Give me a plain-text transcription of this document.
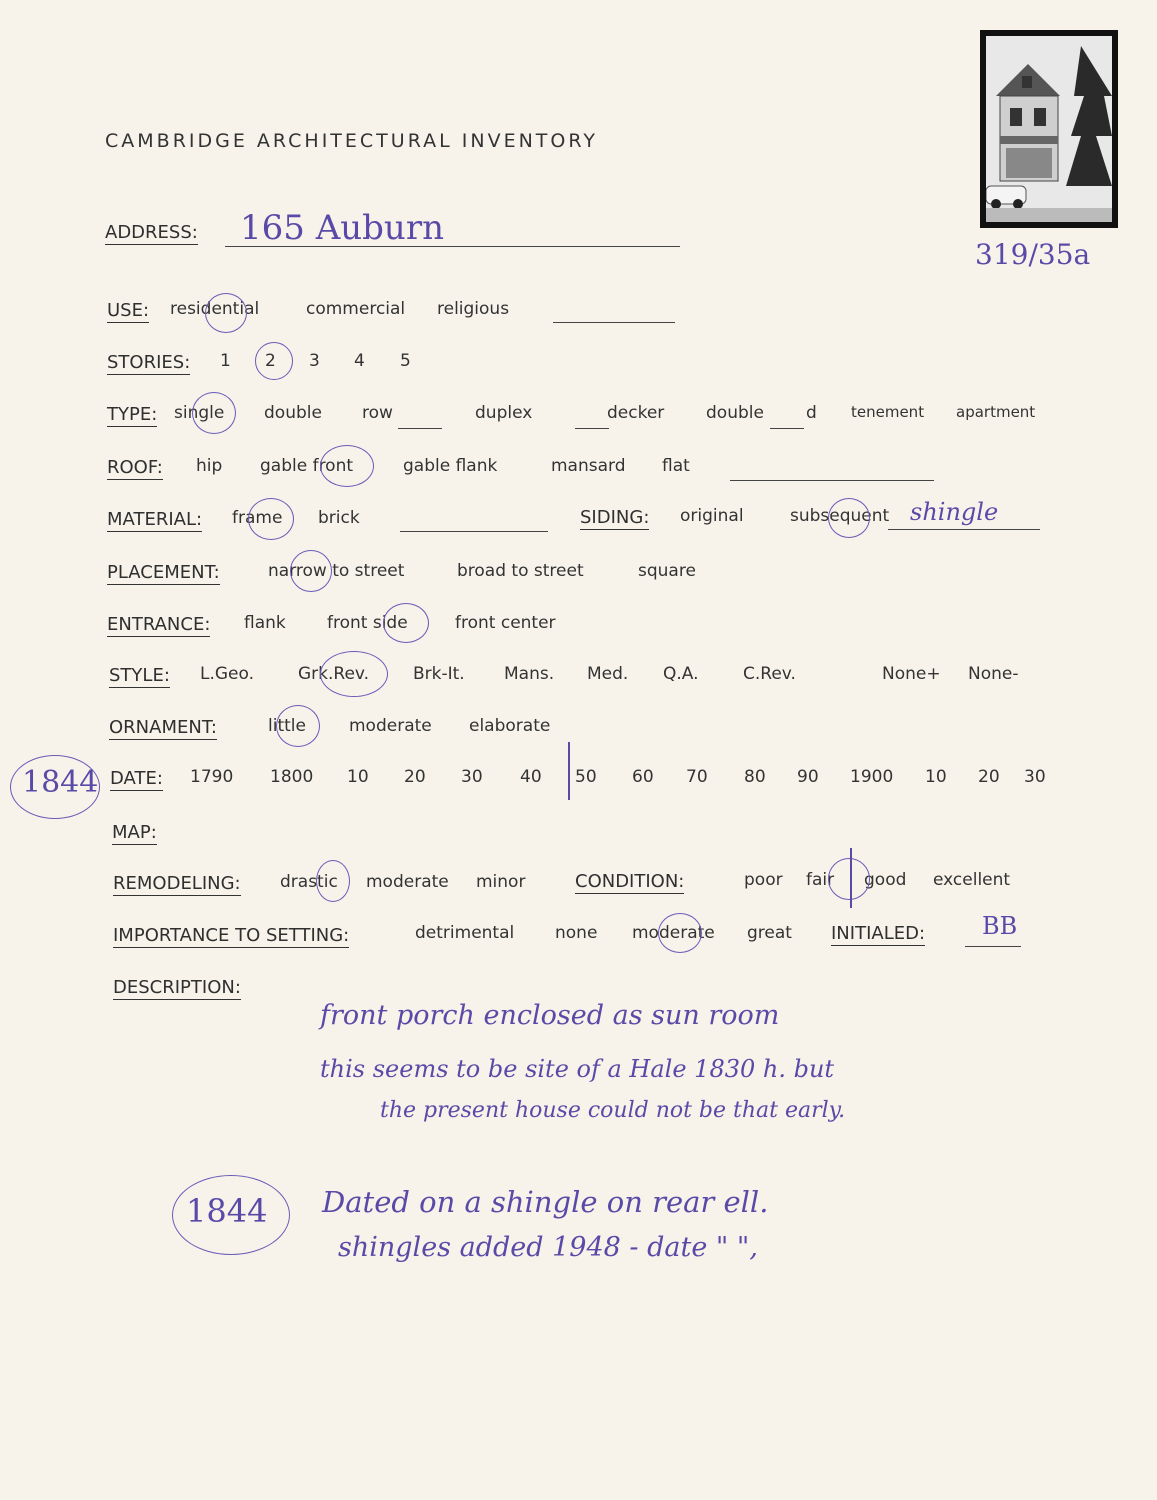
CAMBRIDGE ARCHITECTURAL INVENTORY
319/35a
ADDRESS: 165 Auburn
USE: residential	commercial religious
STORIES: 1 2 3 4 5
TYPE: single double row	duplex	decker double d tenement apartment
ROOF: hip gable front	gable flank	mansard flat
MATERIAL: frame brick	SIDING: original	subsequent shingle
PLACEMENT:	narrow to street	broad to street	square
ENTRANCE: flank front side	front center
STYLE: L.Geo.	Grk.Rev.	Brk-It. Mans. Med. Q.A.	C.Rev.	None+ None-
ORNAMENT:	little	moderate elaborate
1844 DATE: 1790 1800 10 20 30 40 50 60 70 80 90 1900 10 20 30
MAP:
REMODELING: drastic moderate minor	CONDITION:	poor fair good excellent
IMPORTANCE TO SETTING:	detrimental none moderate great INITIALED: BB
DESCRIPTION:
front porch enclosed as sun room
this seems to be site of a Hale 1830 h. but
the present house could not be that early.
1844 Dated on a shingle on rear ell.
shingles added 1948 - date " ",
